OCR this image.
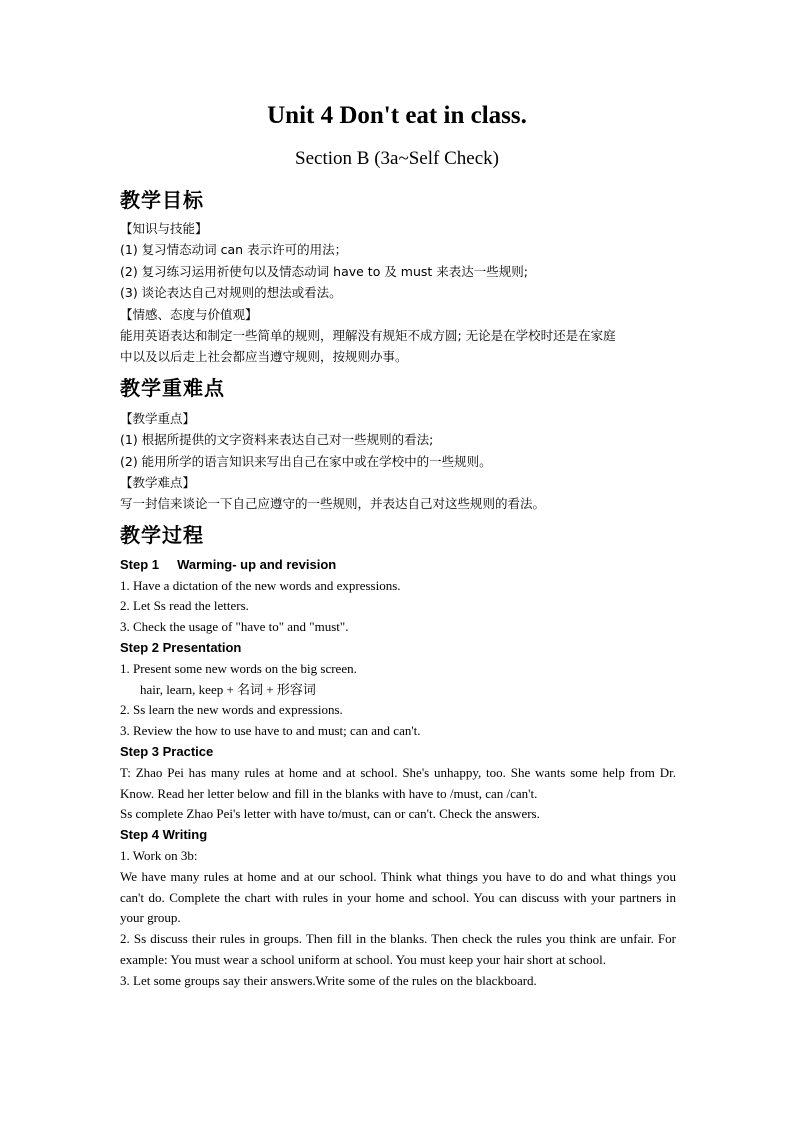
Unit 4 Don't eat in class.
Section B (3a~Self Check)
教学目标
【知识与技能】
(1) 复习情态动词 can 表示许可的用法；
(2) 复习练习运用祈使句以及情态动词 have to 及 must 来表达一些规则;
(3) 谈论表达自己对规则的想法或看法。
【情感、态度与价值观】
能用英语表达和制定一些简单的规则，理解没有规矩不成方圆; 无论是在学校时还是在家庭
中以及以后走上社会都应当遵守规则，按规则办事。
教学重难点
【教学重点】
(1) 根据所提供的文字资料来表达自己对一些规则的看法;
(2) 能用所学的语言知识来写出自己在家中或在学校中的一些规则。
【教学难点】
写一封信来谈论一下自己应遵守的一些规则，并表达自己对这些规则的看法。
教学过程
Step 1     Warming- up and revision
1. Have a dictation of the new words and expressions.
2. Let Ss read the letters.
3. Check the usage of "have to" and "must".
Step 2 Presentation
1. Present some new words on the big screen.
hair, learn, keep + 名词 + 形容词
2. Ss learn the new words and expressions.
3. Review the how to use have to and must; can and can't.
Step 3 Practice
T: Zhao Pei has many rules at home and at school. She's unhappy, too. She wants some help from Dr. Know. Read her letter below and fill in the blanks with have to /must, can /can't.
Ss complete Zhao Pei's letter with have to/must, can or can't. Check the answers.
Step 4 Writing
1. Work on 3b:
We have many rules at home and at our school. Think what things you have to do and what things you can't do. Complete the chart with rules in your home and school. You can discuss with your partners in your group.
2. Ss discuss their rules in groups. Then fill in the blanks. Then check the rules you think are unfair. For example: You must wear a school uniform at school. You must keep your hair short at school.
3. Let some groups say their answers.Write some of the rules on the blackboard.
